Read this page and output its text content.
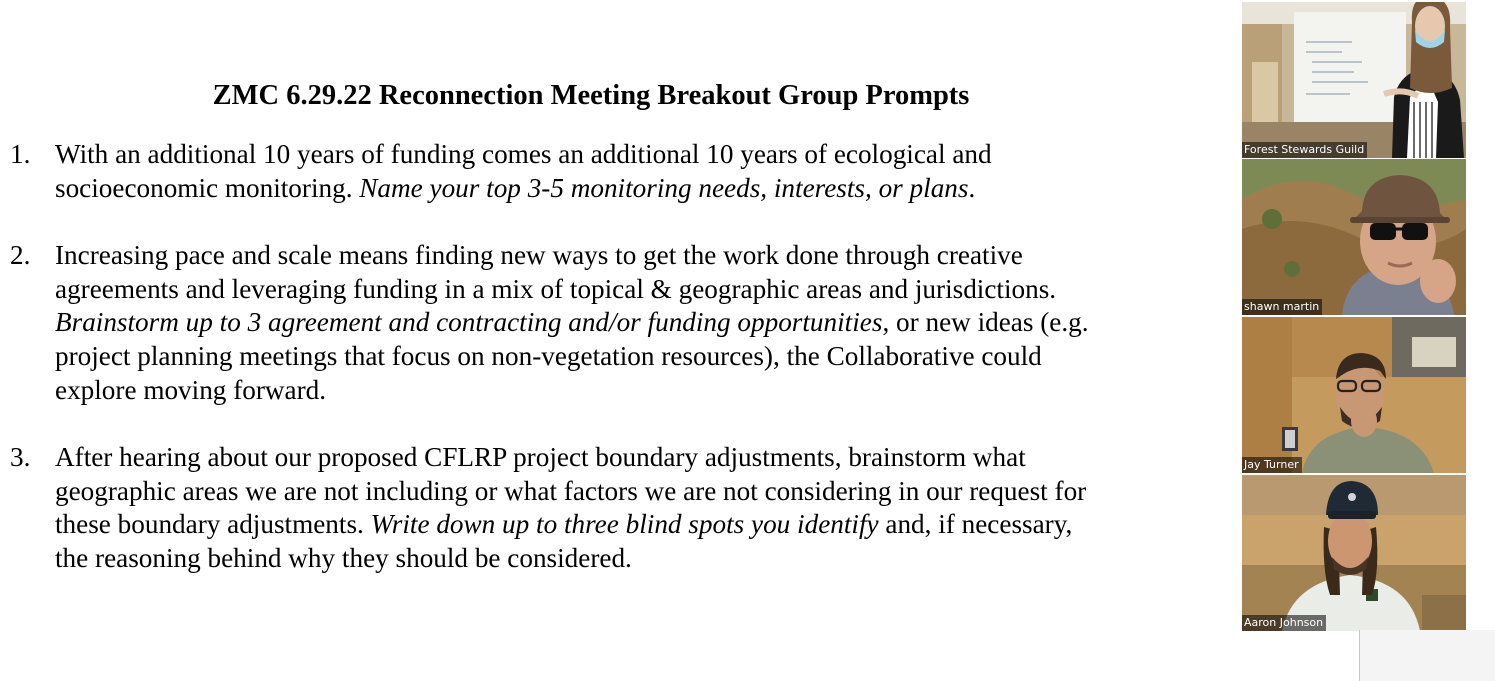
ZMC 6.29.22 Reconnection Meeting Breakout Group Prompts
1. With an additional 10 years of funding comes an additional 10 years of ecological and
socioeconomic monitoring. Name your top 3-5 monitoring needs, interests, or plans.
2. Increasing pace and scale means finding new ways to get the work done through creative
agreements and leveraging funding in a mix of topical & geographic areas and jurisdictions.
Brainstorm up to 3 agreement and contracting and/or funding opportunities, or new ideas (e.g.
project planning meetings that focus on non-vegetation resources), the Collaborative could
explore moving forward.
3. After hearing about our proposed CFLRP project boundary adjustments, brainstorm what
geographic areas we are not including or what factors we are not considering in our request for
these boundary adjustments. Write down up to three blind spots you identify and, if necessary,
the reasoning behind why they should be considered.
Forest Stewards Guild
shawn martin
Jay Turner
Aaron Johnson
